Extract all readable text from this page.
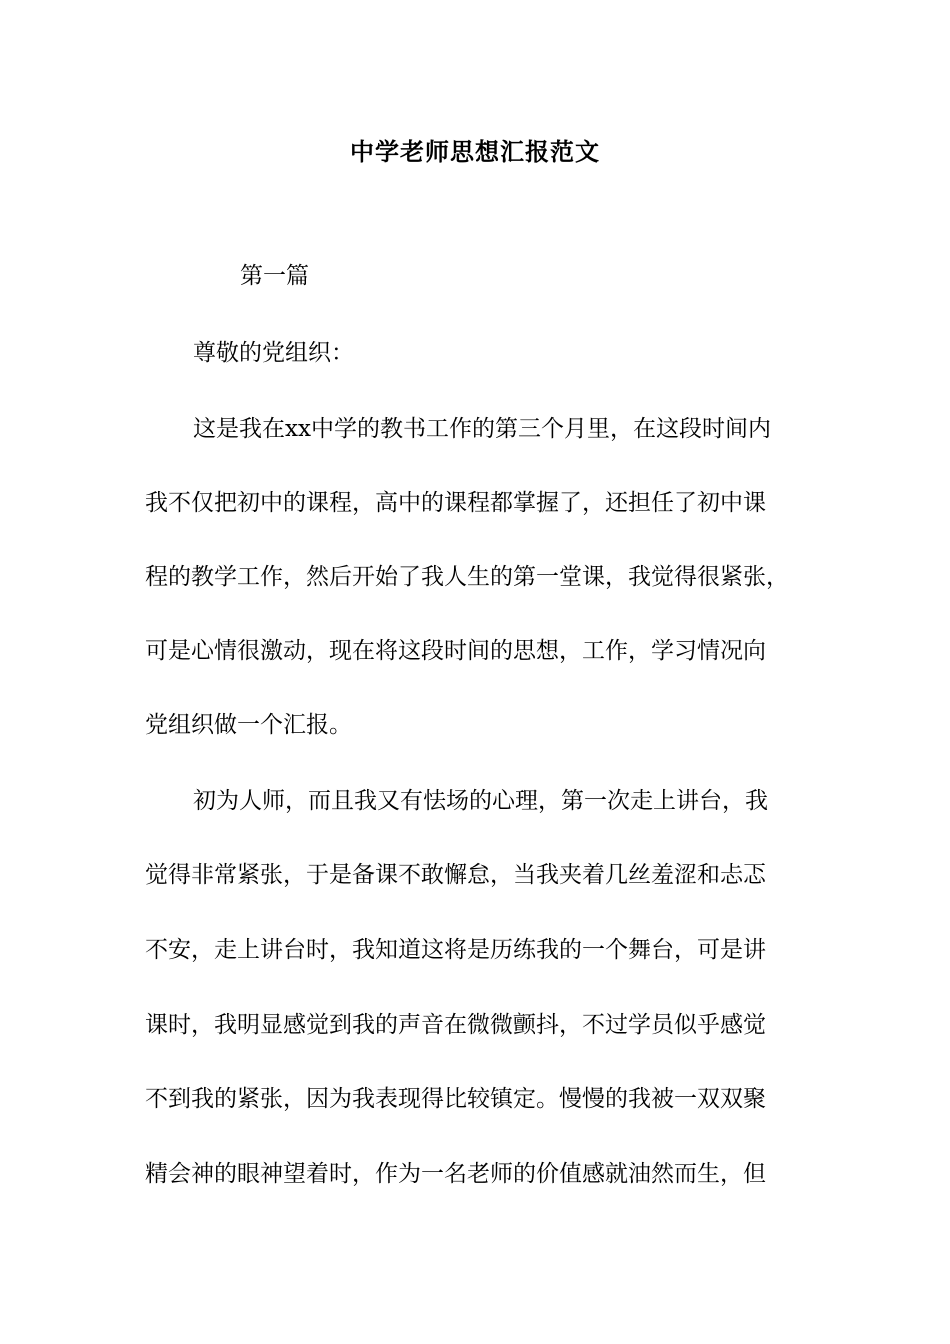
中学老师思想汇报范文
第一篇
尊敬的党组织：
这是我在xx中学的教书工作的第三个月里，在这段时间内
我不仅把初中的课程，高中的课程都掌握了，还担任了初中课
程的教学工作，然后开始了我人生的第一堂课，我觉得很紧张，
可是心情很激动，现在将这段时间的思想，工作，学习情况向
党组织做一个汇报。
初为人师，而且我又有怯场的心理，第一次走上讲台，我
觉得非常紧张，于是备课不敢懈怠，当我夹着几丝羞涩和忐忑
不安，走上讲台时，我知道这将是历练我的一个舞台，可是讲
课时，我明显感觉到我的声音在微微颤抖，不过学员似乎感觉
不到我的紧张，因为我表现得比较镇定。慢慢的我被一双双聚
精会神的眼神望着时，作为一名老师的价值感就油然而生，但
